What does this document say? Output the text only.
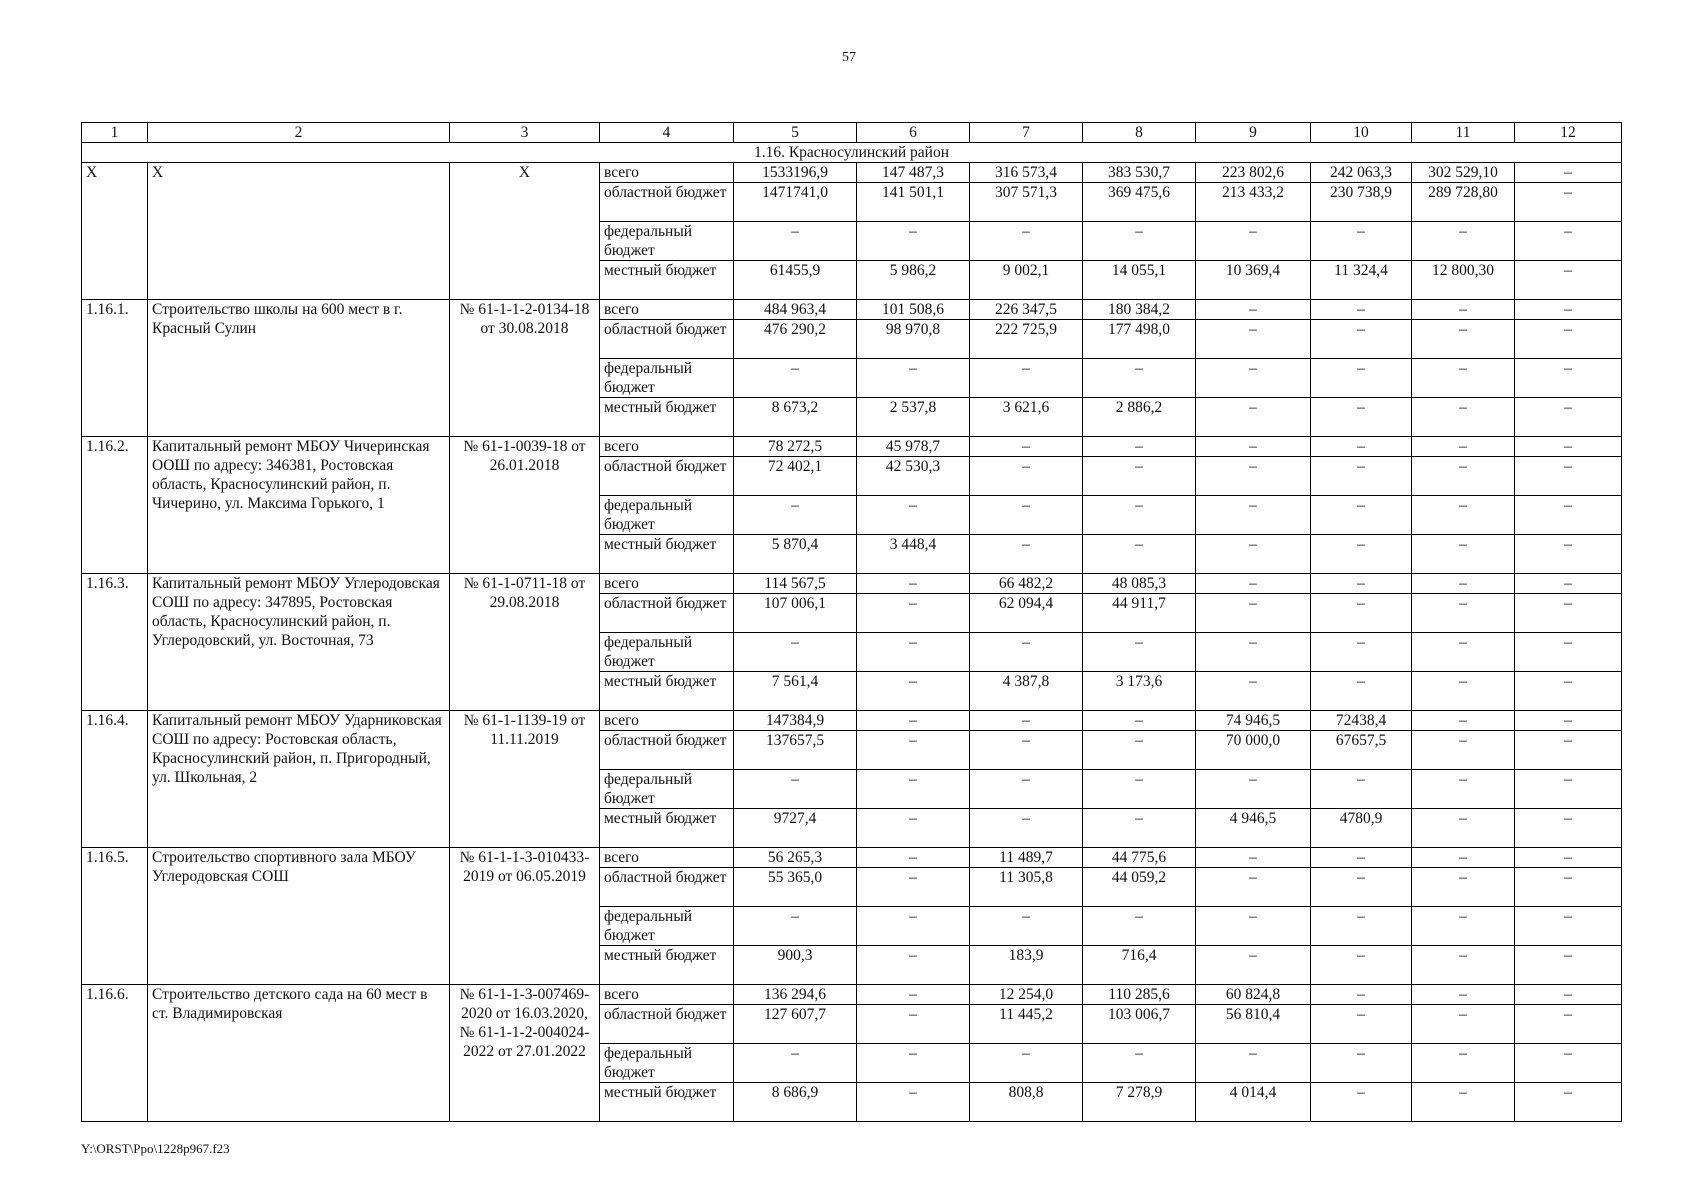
57
1	2	3	4	5	6	7	8	9	10	11	12
1.16. Красносулинский район											
X	X	X	всего	1533196,9	147 487,3	316 573,4	383 530,7	223 802,6	242 063,3	302 529,10	–
			областной бюджет	1471741,0	141 501,1	307 571,3	369 475,6	213 433,2	230 738,9	289 728,80	–
			федеральный бюджет	–	–	–	–	–	–	–	–
			местный бюджет	61455,9	5 986,2	9 002,1	14 055,1	10 369,4	11 324,4	12 800,30	–
1.16.1.	Строительство школы на 600 мест в г. Красный Сулин	№ 61-1-1-2-0134-18 от 30.08.2018	всего	484 963,4	101 508,6	226 347,5	180 384,2	–	–	–	–
			областной бюджет	476 290,2	98 970,8	222 725,9	177 498,0	–	–	–	–
			федеральный бюджет	–	–	–	–	–	–	–	–
			местный бюджет	8 673,2	2 537,8	3 621,6	2 886,2	–	–	–	–
1.16.2.	Капитальный ремонт МБОУ Чичеринская ООШ по адресу: 346381, Ростовская область, Красносулинский район, п. Чичерино, ул. Максима Горького, 1	№ 61-1-0039-18 от 26.01.2018	всего	78 272,5	45 978,7	–	–	–	–	–	–
			областной бюджет	72 402,1	42 530,3	–	–	–	–	–	–
			федеральный бюджет	–	–	–	–	–	–	–	–
			местный бюджет	5 870,4	3 448,4	–	–	–	–	–	–
1.16.3.	Капитальный ремонт МБОУ Углеродовская СОШ по адресу: 347895, Ростовская область, Красносулинский район, п. Углеродовский, ул. Восточная, 73	№ 61-1-0711-18 от 29.08.2018	всего	114 567,5	–	66 482,2	48 085,3	–	–	–	–
			областной бюджет	107 006,1	–	62 094,4	44 911,7	–	–	–	–
			федеральный бюджет	–	–	–	–	–	–	–	–
			местный бюджет	7 561,4	–	4 387,8	3 173,6	–	–	–	–
1.16.4.	Капитальный ремонт МБОУ Ударниковская СОШ по адресу: Ростовская область, Красносулинский район, п. Пригородный, ул. Школьная, 2	№ 61-1-1139-19 от 11.11.2019	всего	147384,9	–	–	–	74 946,5	72438,4	–	–
			областной бюджет	137657,5	–	–	–	70 000,0	67657,5	–	–
			федеральный бюджет	–	–	–	–	–	–	–	–
			местный бюджет	9727,4	–	–	–	4 946,5	4780,9	–	–
1.16.5.	Строительство спортивного зала МБОУ Углеродовская СОШ	№ 61-1-1-3-010433-2019 от 06.05.2019	всего	56 265,3	–	11 489,7	44 775,6	–	–	–	–
			областной бюджет	55 365,0	–	11 305,8	44 059,2	–	–	–	–
			федеральный бюджет	–	–	–	–	–	–	–	–
			местный бюджет	900,3	–	183,9	716,4	–	–	–	–
1.16.6.	Строительство детского сада на 60 мест в ст. Владимировская	№ 61-1-1-3-007469-2020 от 16.03.2020, № 61-1-1-2-004024-2022 от 27.01.2022	всего	136 294,6	–	12 254,0	110 285,6	60 824,8	–	–	–
			областной бюджет	127 607,7	–	11 445,2	103 006,7	56 810,4	–	–	–
			федеральный бюджет	–	–	–	–	–	–	–	–
			местный бюджет	8 686,9	–	808,8	7 278,9	4 014,4	–	–	–
Y:\ORST\Ppo\1228p967.f23
